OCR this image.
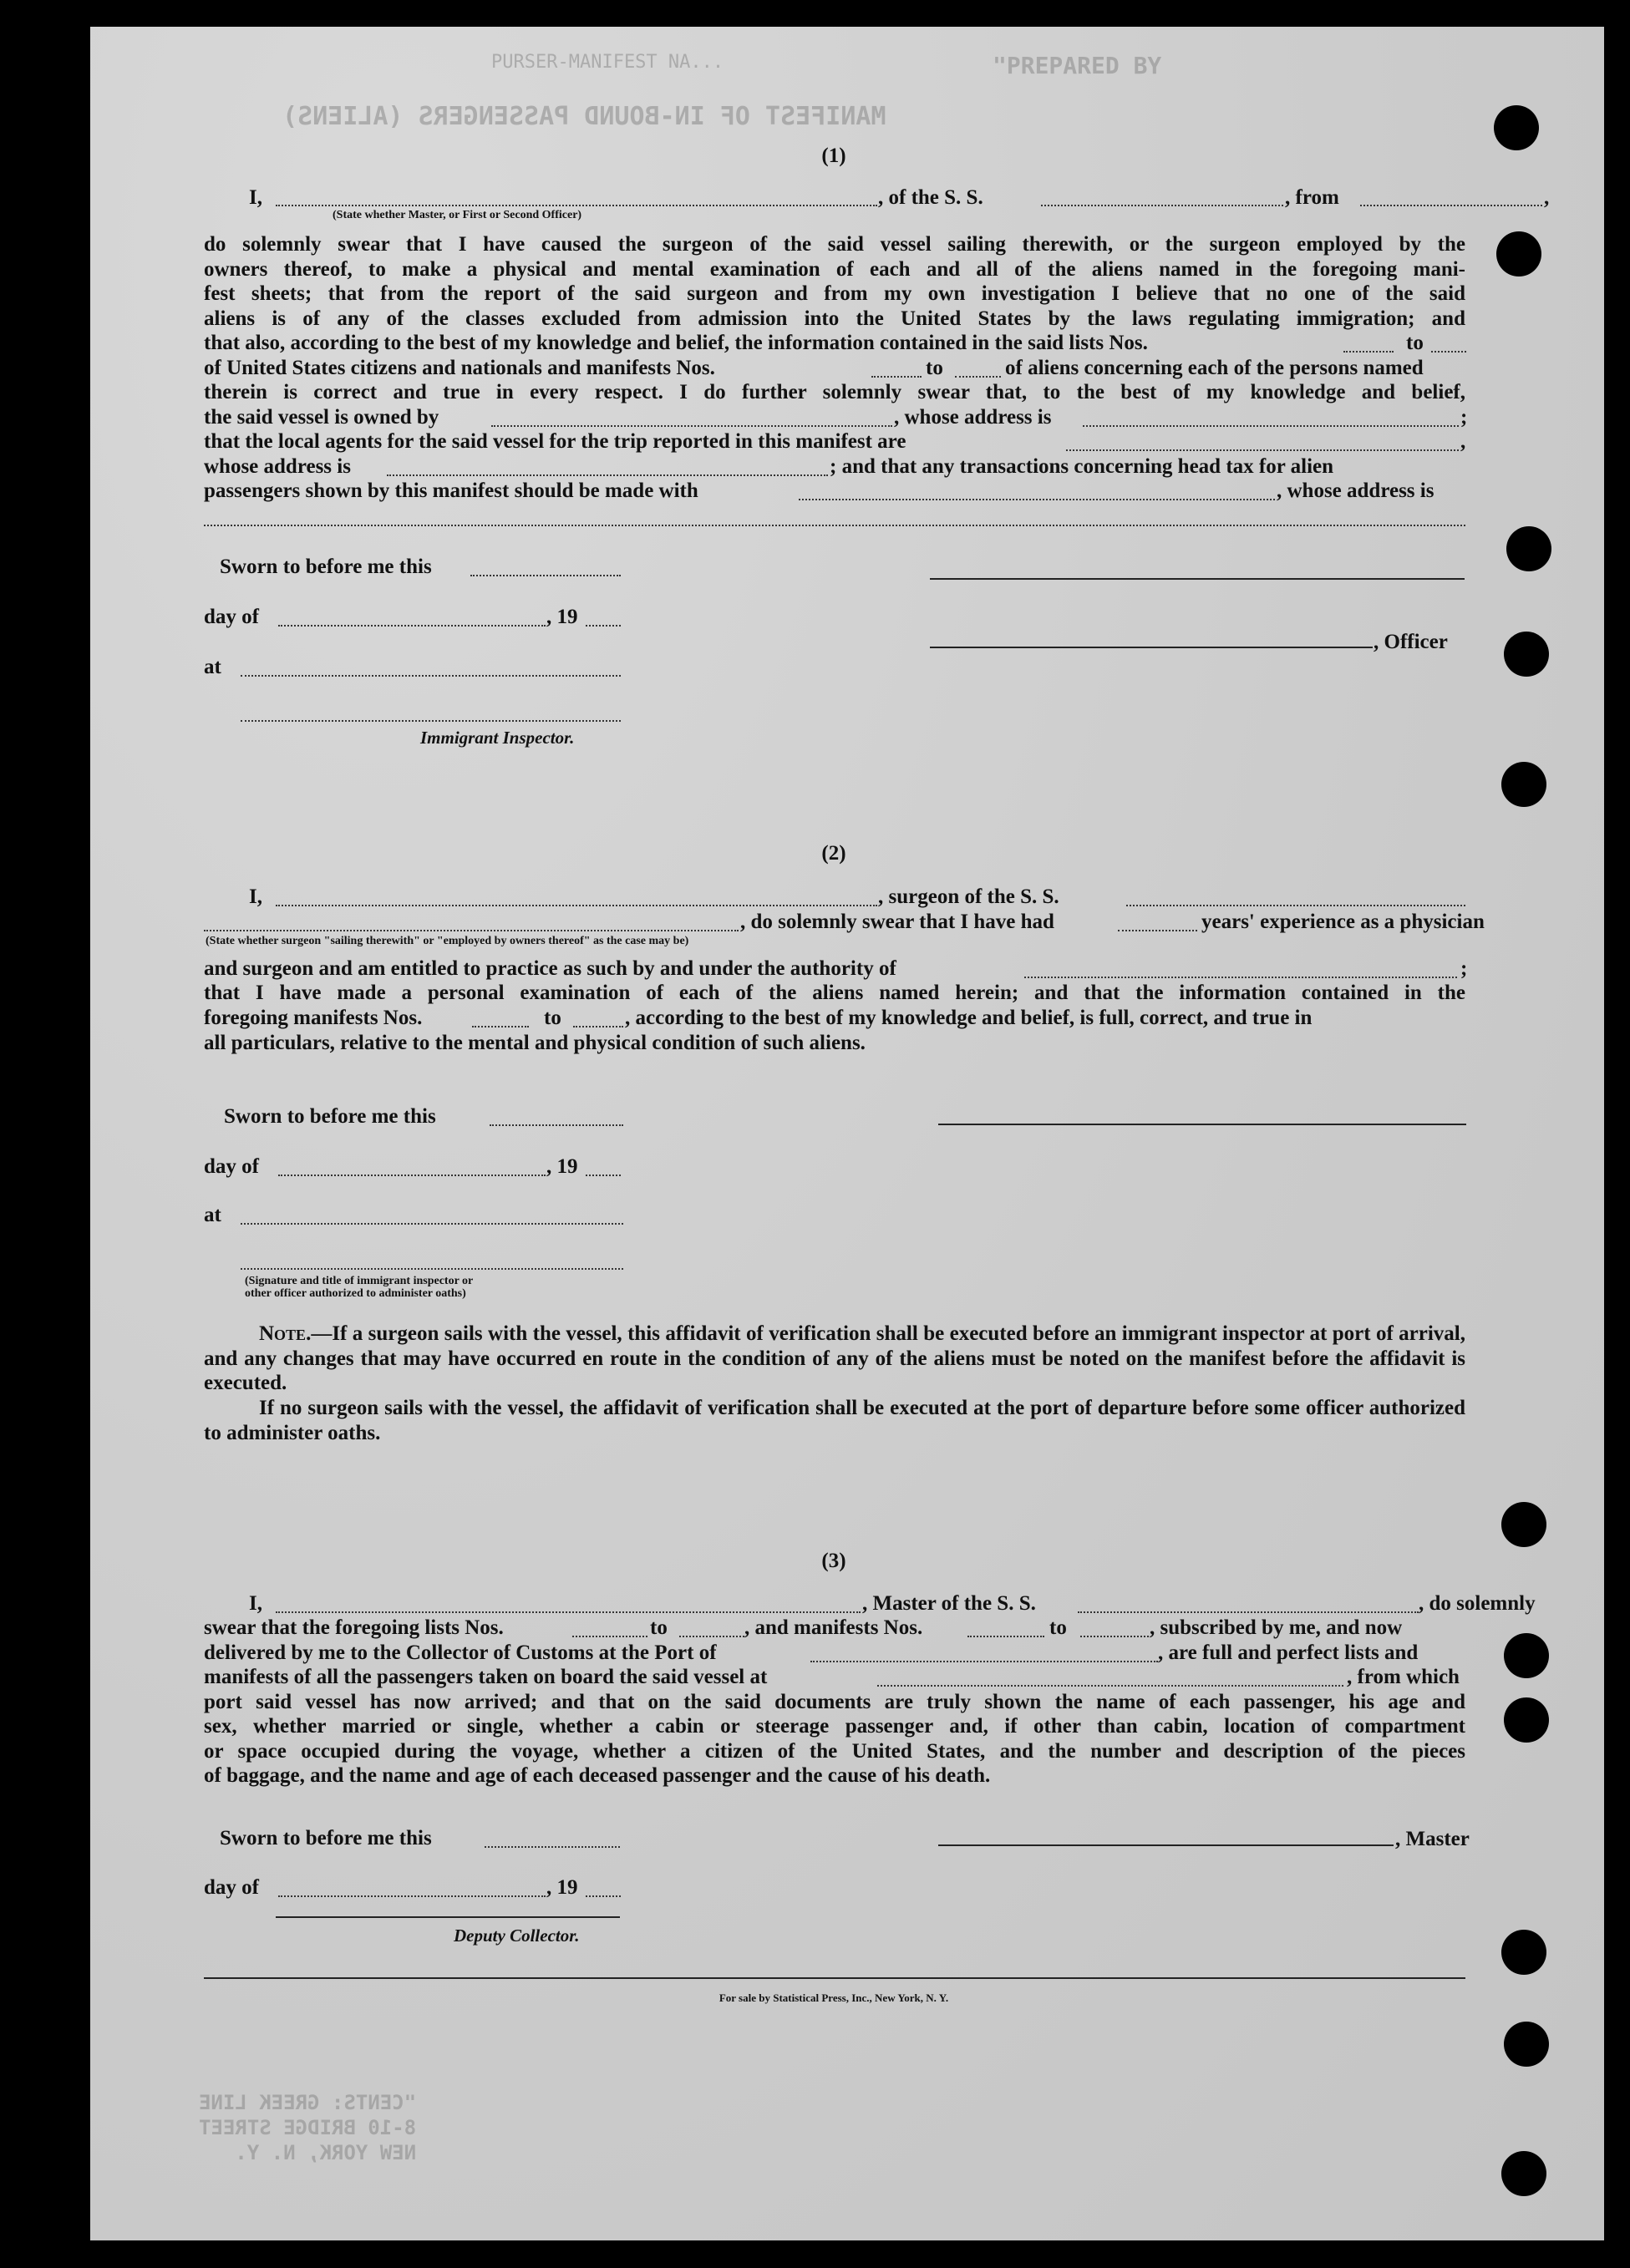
"PREPARED BY
MANIFEST OF IN-BOUND PASSENGERS (ALIENS)
PURSER-MANIFEST NA...
(1)
I,	, of the S. S.	, from	,
(State whether Master, or First or Second Officer)
do solemnly swear that I have caused the surgeon of the said vessel sailing therewith, or the surgeon employed by the
owners thereof, to make a physical and mental examination of each and all of the aliens named in the foregoing mani-
fest sheets; that from the report of the said surgeon and from my own investigation I believe that no one of the said
aliens is of any of the classes excluded from admission into the United States by the laws regulating immigration; and
that also, according to the best of my knowledge and belief, the information contained in the said lists Nos.	to
of United States citizens and nationals and manifests Nos.	to	of aliens concerning each of the persons named
therein is correct and true in every respect. I do further solemnly swear that, to the best of my knowledge and belief,
the said vessel is owned by	, whose address is	;
that the local agents for the said vessel for the trip reported in this manifest are	,
whose address is	; and that any transactions concerning head tax for alien
passengers shown by this manifest should be made with	, whose address is
Sworn to before me this
day of	, 19
, Officer
at
Immigrant Inspector.
(2)
I,	, surgeon of the S. S.
, do solemnly swear that I have had	years' experience as a physician
(State whether surgeon "sailing therewith" or "employed by owners thereof" as the case may be)
and surgeon and am entitled to practice as such by and under the authority of	;
that I have made a personal examination of each of the aliens named herein; and that the information contained in the
foregoing manifests Nos.	to	, according to the best of my knowledge and belief, is full, correct, and true in
all particulars, relative to the mental and physical condition of such aliens.
Sworn to before me this
day of	, 19
at
(Signature and title of immigrant inspector or
other officer authorized to administer oaths)
Note.—If a surgeon sails with the vessel, this affidavit of verification shall be executed before an immigrant inspector at port of arrival, and any changes that may have occurred en route in the condition of any of the aliens must be noted on the manifest before the affidavit is executed.
If no surgeon sails with the vessel, the affidavit of verification shall be executed at the port of departure before some officer authorized to administer oaths.
(3)
I,	, Master of the S. S.	, do solemnly
swear that the foregoing lists Nos.	to	, and manifests Nos.	to	, subscribed by me, and now
delivered by me to the Collector of Customs at the Port of	, are full and perfect lists and
manifests of all the passengers taken on board the said vessel at	, from which
port said vessel has now arrived; and that on the said documents are truly shown the name of each passenger, his age and
sex, whether married or single, whether a cabin or steerage passenger and, if other than cabin, location of compartment
or space occupied during the voyage, whether a citizen of the United States, and the number and description of the pieces
of baggage, and the name and age of each deceased passenger and the cause of his death.
Sworn to before me this	, Master
day of	, 19
Deputy Collector.
For sale by Statistical Press, Inc., New York, N. Y.
"CENTS: GREEK LINE
8-10 BRIDGE STREET
NEW YORK, N. Y.
